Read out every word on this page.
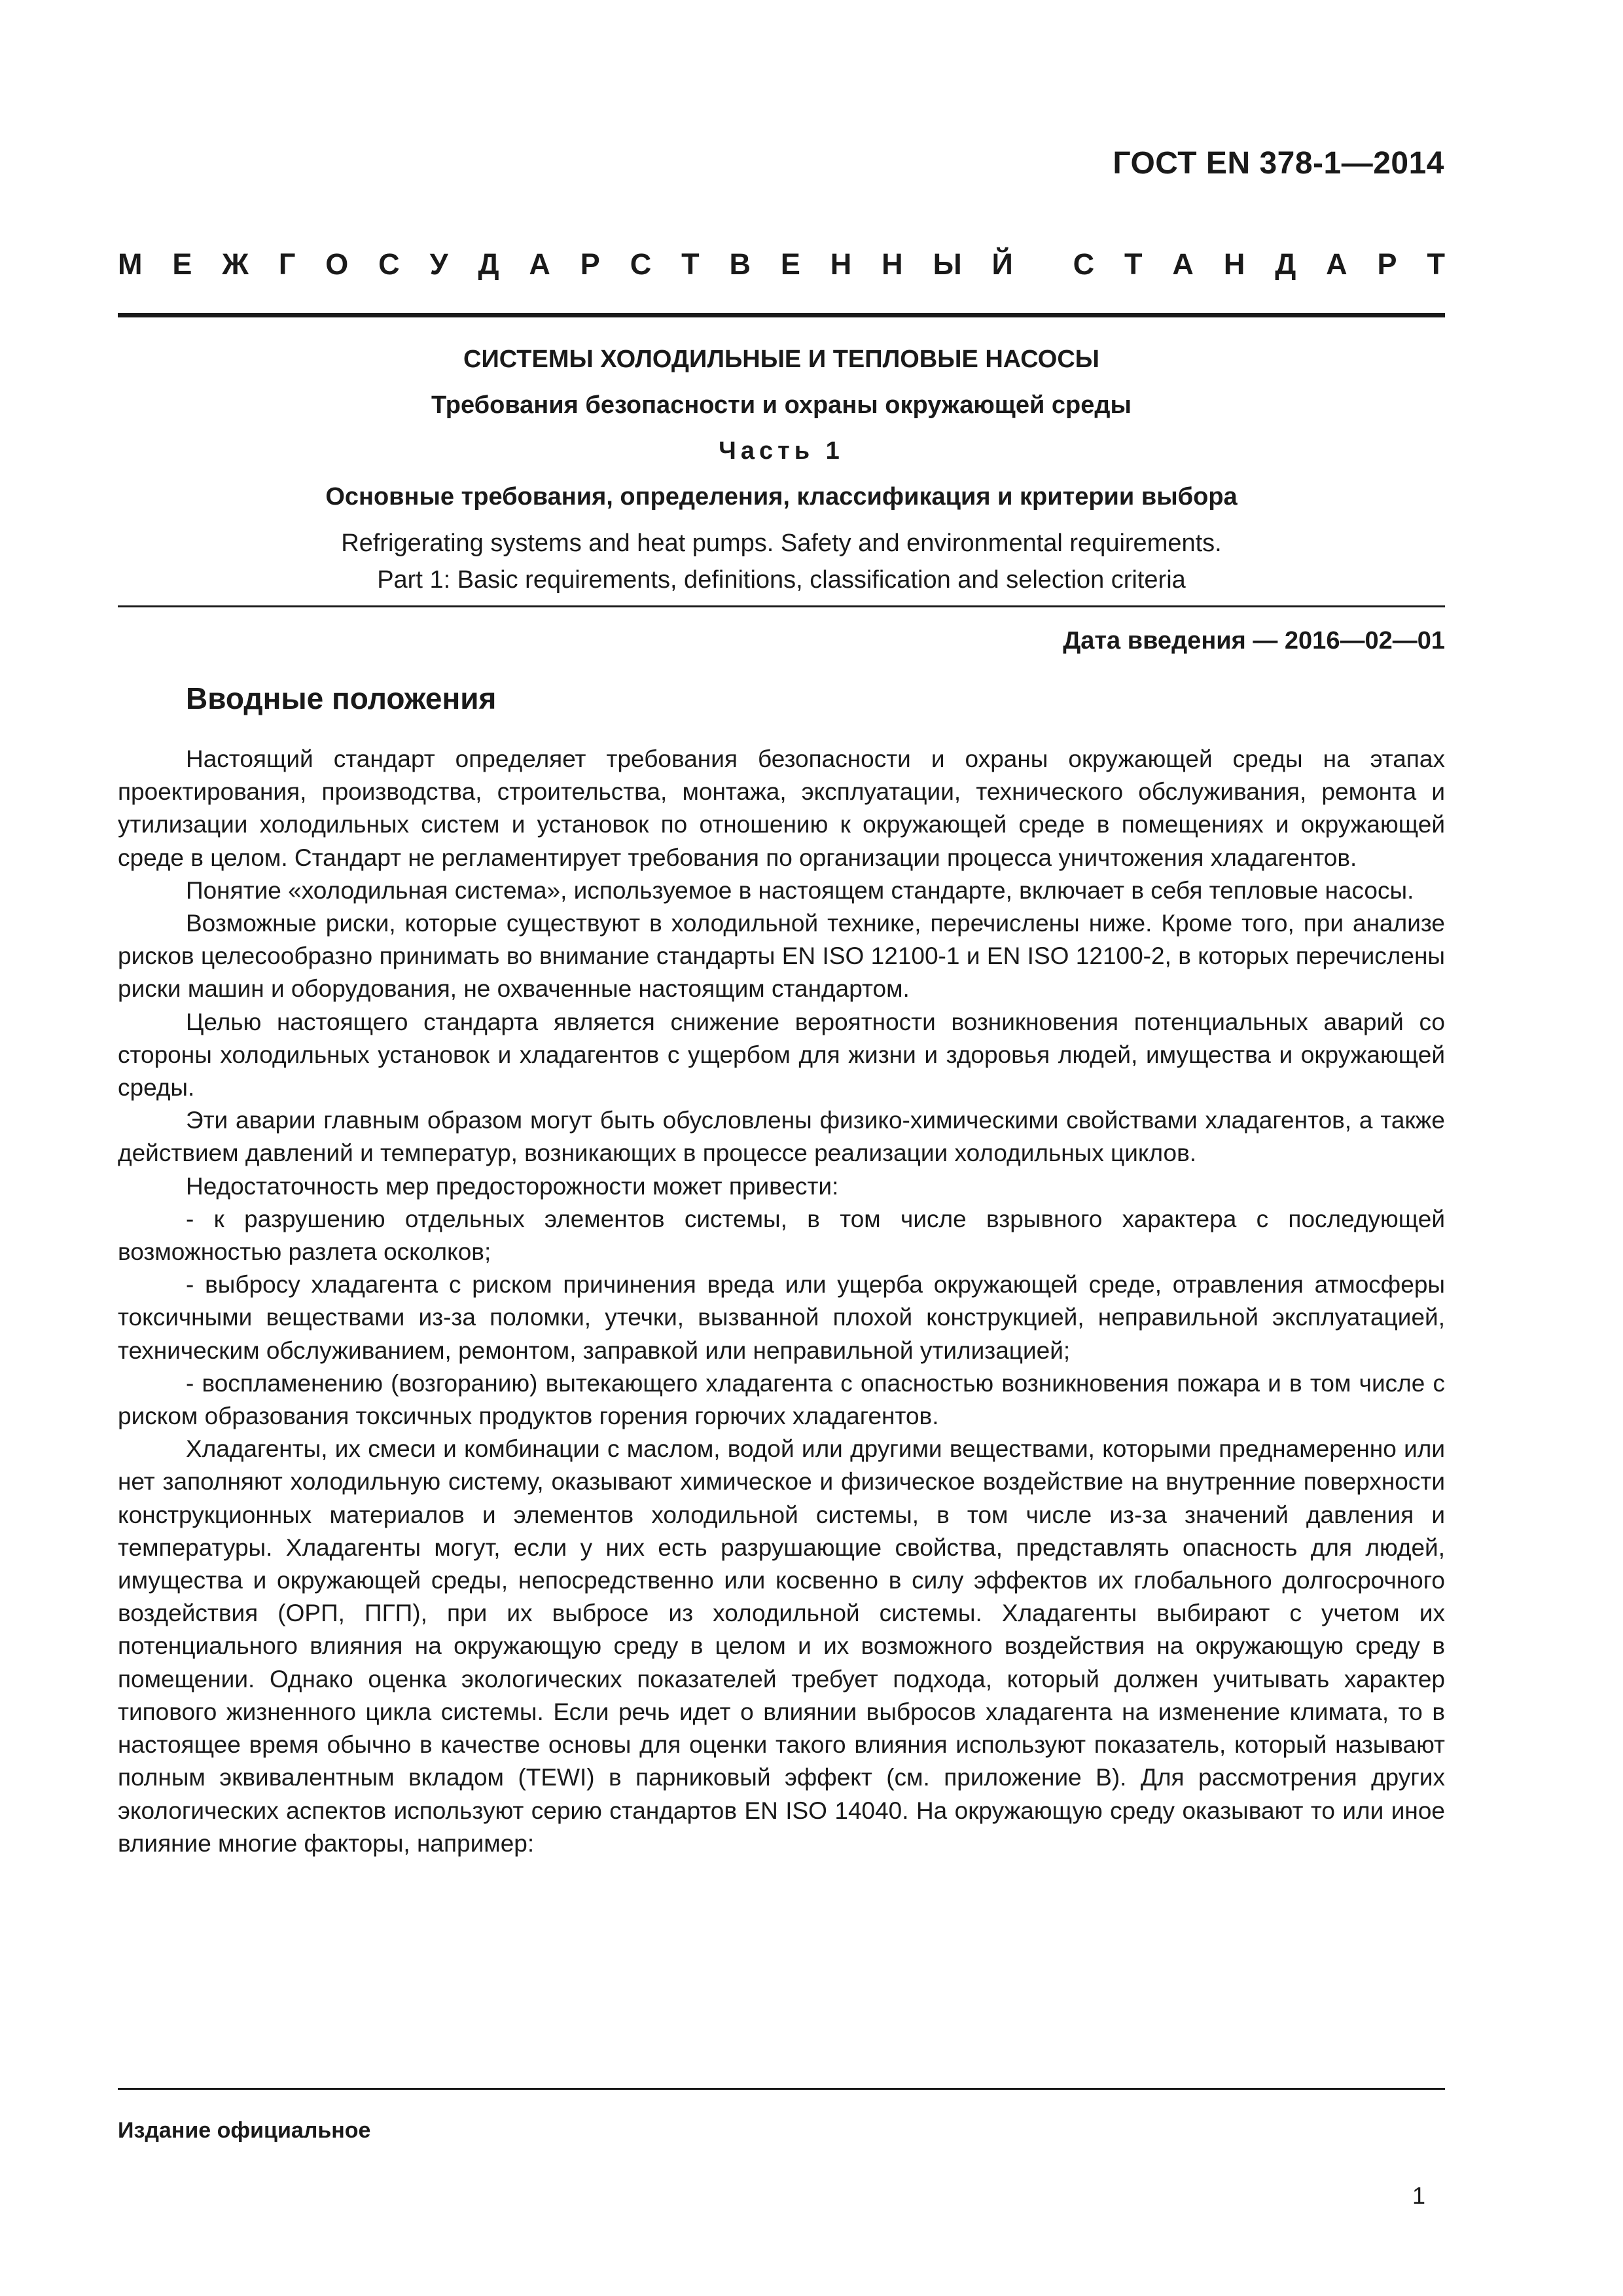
ГОСТ EN 378-1—2014
М Е Ж Г О С У Д А Р С Т В Е Н Н Ы Й С Т А Н Д А Р Т
СИСТЕМЫ ХОЛОДИЛЬНЫЕ И ТЕПЛОВЫЕ НАСОСЫ
Требования безопасности и охраны окружающей среды
Часть 1
Основные требования, определения, классификация и критерии выбора
Refrigerating systems and heat pumps. Safety and environmental requirements.
Part 1: Basic requirements, definitions, classification and selection criteria
Дата введения — 2016—02—01
Вводные положения

Настоящий стандарт определяет требования безопасности и охраны окружающей среды на этапах проектирования, производства, строительства, монтажа, эксплуатации, технического обслуживания, ремонта и утилизации холодильных систем и установок по отношению к окружающей среде в помещениях и окружающей среде в целом. Стандарт не регламентирует требования по организации процесса уничтожения хладагентов.

Понятие «холодильная система», используемое в настоящем стандарте, включает в себя тепловые насосы.

Возможные риски, которые существуют в холодильной технике, перечислены ниже. Кроме того, при анализе рисков целесообразно принимать во внимание стандарты EN ISO 12100-1 и EN ISO 12100-2, в которых перечислены риски машин и оборудования, не охваченные настоящим стандартом.

Целью настоящего стандарта является снижение вероятности возникновения потенциальных аварий со стороны холодильных установок и хладагентов с ущербом для жизни и здоровья людей, имущества и окружающей среды.

Эти аварии главным образом могут быть обусловлены физико-химическими свойствами хладагентов, а также действием давлений и температур, возникающих в процессе реализации холодильных циклов.

Недостаточность мер предосторожности может привести:

- к разрушению отдельных элементов системы, в том числе взрывного характера с последующей возможностью разлета осколков;

- выбросу хладагента с риском причинения вреда или ущерба окружающей среде, отравления атмосферы токсичными веществами из-за поломки, утечки, вызванной плохой конструкцией, неправильной эксплуатацией, техническим обслуживанием, ремонтом, заправкой или неправильной утилизацией;

- воспламенению (возгоранию) вытекающего хладагента с опасностью возникновения пожара и в том числе с риском образования токсичных продуктов горения горючих хладагентов.

Хладагенты, их смеси и комбинации с маслом, водой или другими веществами, которыми преднамеренно или нет заполняют холодильную систему, оказывают химическое и физическое воздействие на внутренние поверхности конструкционных материалов и элементов холодильной системы, в том числе из-за значений давления и температуры. Хладагенты могут, если у них есть разрушающие свойства, представлять опасность для людей, имущества и окружающей среды, непосредственно или косвенно в силу эффектов их глобального долгосрочного воздействия (ОРП, ПГП), при их выбросе из холодильной системы. Хладагенты выбирают с учетом их потенциального влияния на окружающую среду в целом и их возможного воздействия на окружающую среду в помещении. Однако оценка экологических показателей требует подхода, который должен учитывать характер типового жизненного цикла системы. Если речь идет о влиянии выбросов хладагента на изменение климата, то в настоящее время обычно в качестве основы для оценки такого влияния используют показатель, который называют полным эквивалентным вкладом (TEWI) в парниковый эффект (см. приложение В). Для рассмотрения других экологических аспектов используют серию стандартов EN ISO 14040. На окружающую среду оказывают то или иное влияние многие факторы, например:

Издание официальное
1
